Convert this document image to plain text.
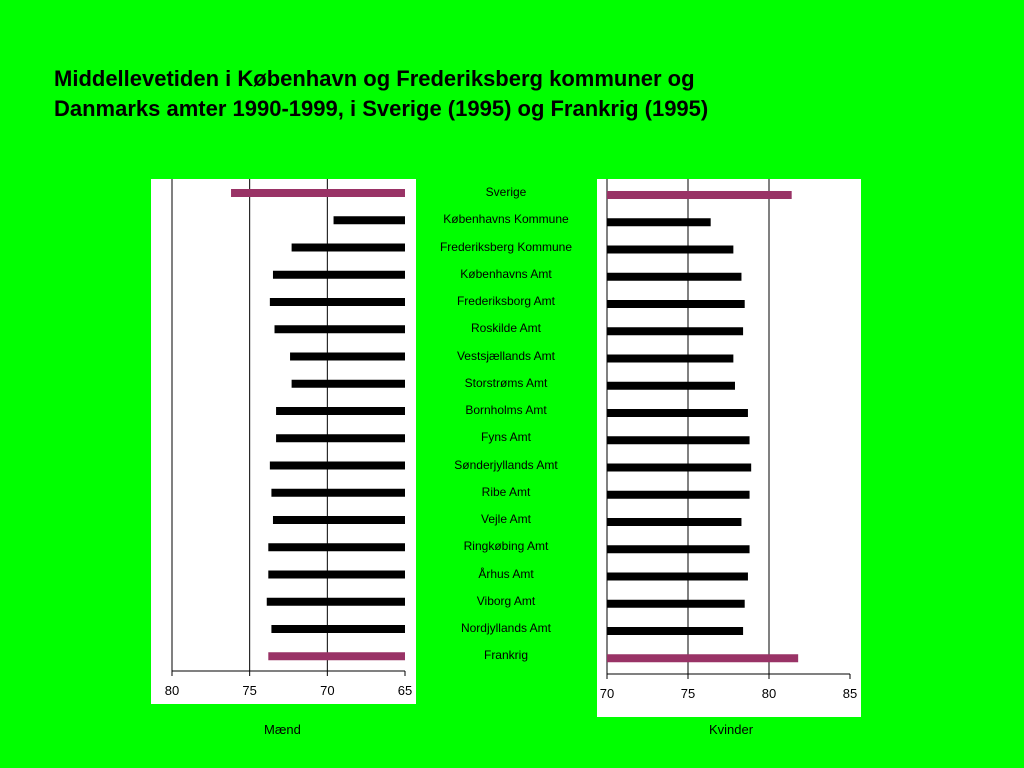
Middellevetiden i København og Frederiksberg kommuner og Danmarks amter 1990-1999, i Sverige (1995) og Frankrig (1995)
Sverige
Københavns Kommune
Frederiksberg Kommune
Københavns Amt
Frederiksborg Amt
Roskilde Amt
Vestsjællands Amt
Storstrøms Amt
Bornholms Amt
Fyns Amt
Sønderjyllands Amt
Ribe Amt
Vejle Amt
Ringkøbing Amt
Århus Amt
Viborg Amt
Nordjyllands Amt
Frankrig
Mænd	Kvinder
80	75	70	65	70	75	80	85
